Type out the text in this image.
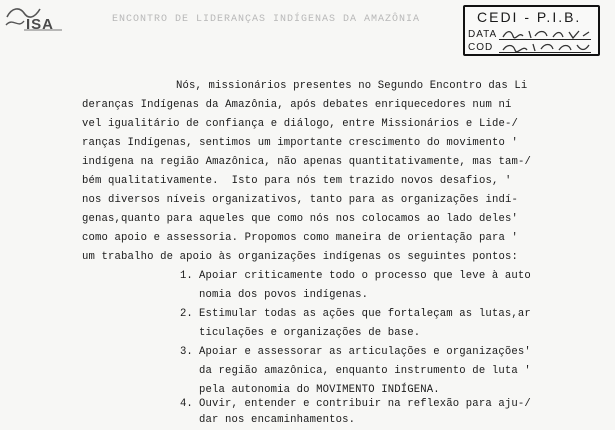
ISA	ENCONTRO DE LIDERANÇAS INDÍGENAS DA AMAZÔNIA	CEDI - P.I.B.
DATA
COD
Nós, missionários presentes no Segundo Encontro das Li
deranças Indígenas da Amazônia, após debates enriquecedores num ní
vel igualitário de confiança e diálogo, entre Missionários e Lide-/
ranças Indígenas, sentimos um importante crescimento do movimento '
indígena na região Amazônica, não apenas quantitativamente, mas tam-/
bém qualitativamente.  Isto para nós tem trazido novos desafios, '
nos diversos níveis organizativos, tanto para as organizações indí-
genas,quanto para aqueles que como nós nos colocamos ao lado deles'
como apoio e assessoria. Propomos como maneira de orientação para '
um trabalho de apoio às organizações indígenas os seguintes pontos:
1. Apoiar criticamente todo o processo que leve à auto
nomia dos povos indígenas.
2. Estimular todas as ações que fortaleçam as lutas,ar
ticulações e organizações de base.
3. Apoiar e assessorar as articulações e organizações'
da região amazônica, enquanto instrumento de luta '
pela autonomia do MOVIMENTO INDÍGENA.
4. Ouvir, entender e contribuir na reflexão para aju-/
dar nos encaminhamentos.
